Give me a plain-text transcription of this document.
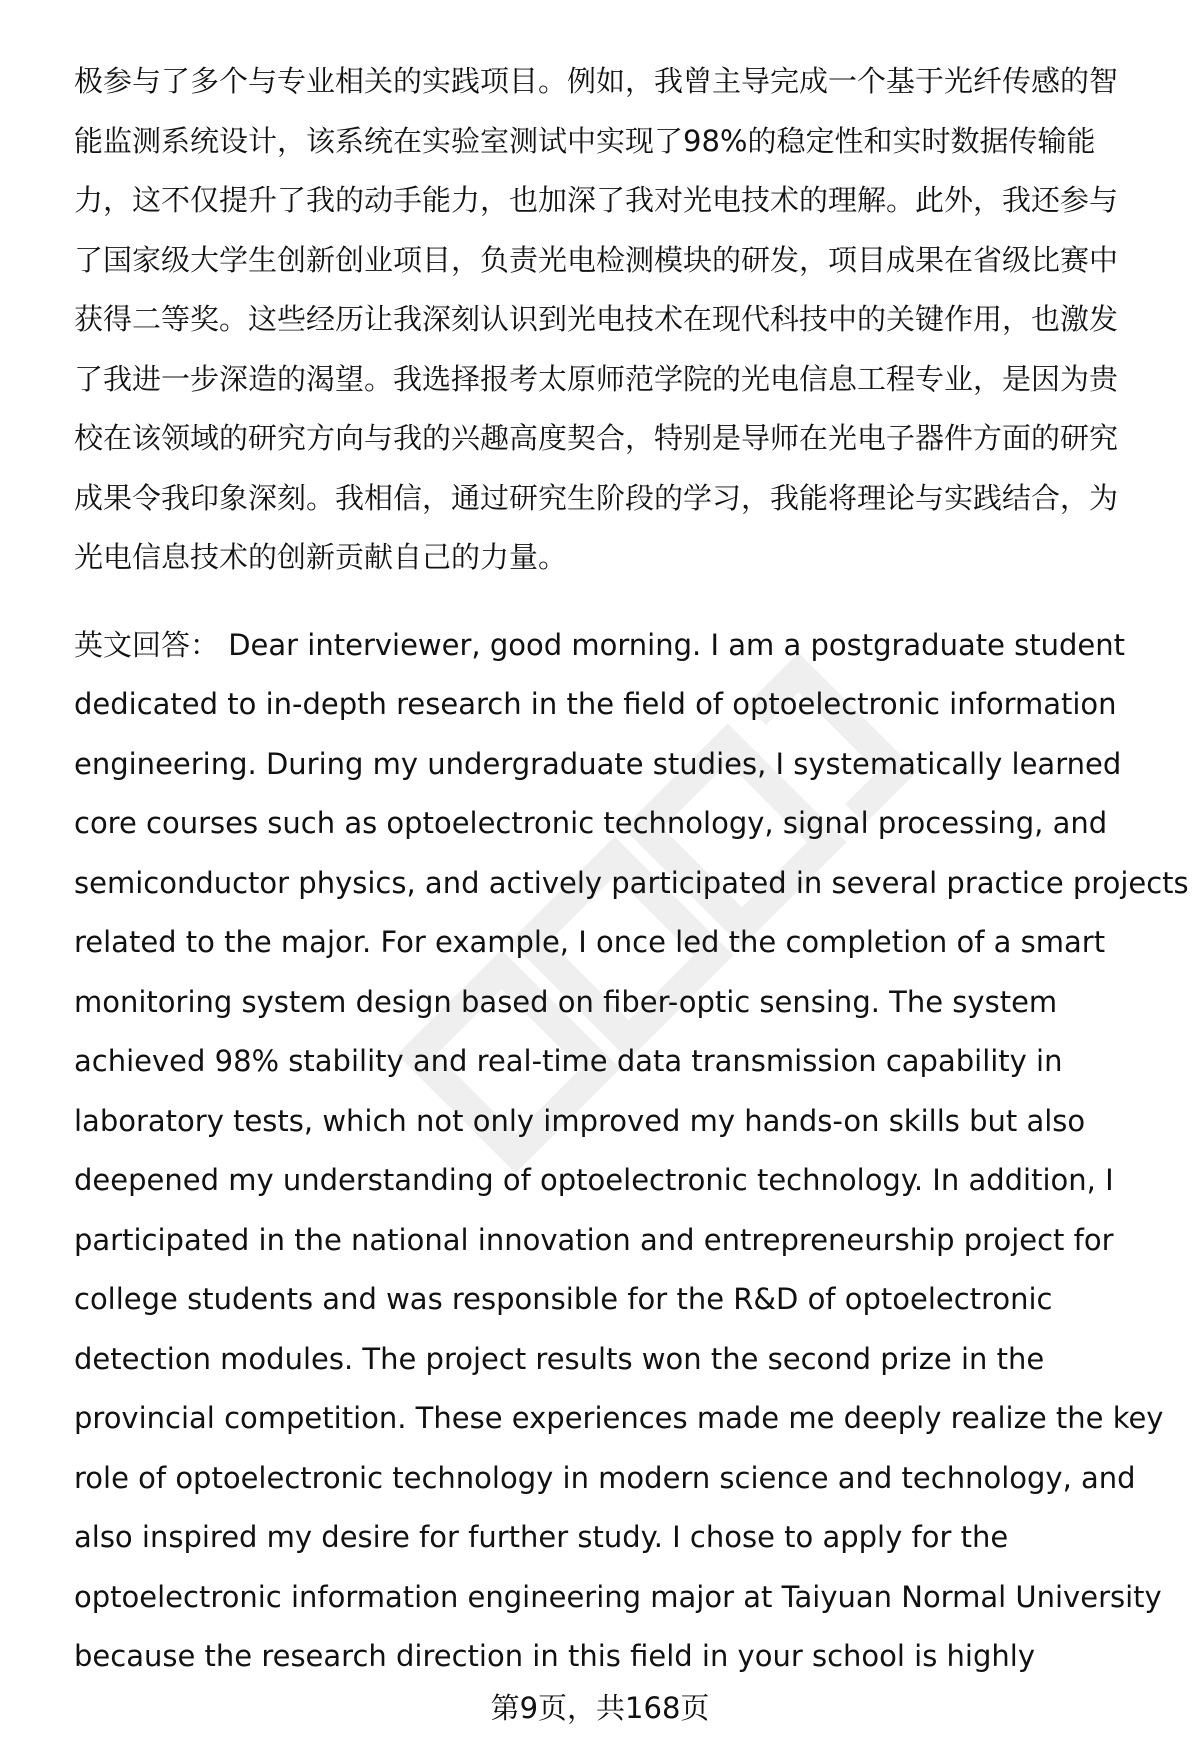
极参与了多个与专业相关的实践项目。例如，我曾主导完成一个基于光纤传感的智
能监测系统设计，该系统在实验室测试中实现了98%的稳定性和实时数据传输能
力，这不仅提升了我的动手能力，也加深了我对光电技术的理解。此外，我还参与
了国家级大学生创新创业项目，负责光电检测模块的研发，项目成果在省级比赛中
获得二等奖。这些经历让我深刻认识到光电技术在现代科技中的关键作用，也激发
了我进一步深造的渴望。我选择报考太原师范学院的光电信息工程专业，是因为贵
校在该领域的研究方向与我的兴趣高度契合，特别是导师在光电子器件方面的研究
成果令我印象深刻。我相信，通过研究生阶段的学习，我能将理论与实践结合，为
光电信息技术的创新贡献自己的力量。
英文回答： Dear interviewer, good morning. I am a postgraduate student
dedicated to in-depth research in the field of optoelectronic information
engineering. During my undergraduate studies, I systematically learned
core courses such as optoelectronic technology, signal processing, and
semiconductor physics, and actively participated in several practice projects
related to the major. For example, I once led the completion of a smart
monitoring system design based on fiber-optic sensing. The system
achieved 98% stability and real-time data transmission capability in
laboratory tests, which not only improved my hands-on skills but also
deepened my understanding of optoelectronic technology. In addition, I
participated in the national innovation and entrepreneurship project for
college students and was responsible for the R&D of optoelectronic
detection modules. The project results won the second prize in the
provincial competition. These experiences made me deeply realize the key
role of optoelectronic technology in modern science and technology, and
also inspired my desire for further study. I chose to apply for the
optoelectronic information engineering major at Taiyuan Normal University
because the research direction in this field in your school is highly
第9页，共168页
